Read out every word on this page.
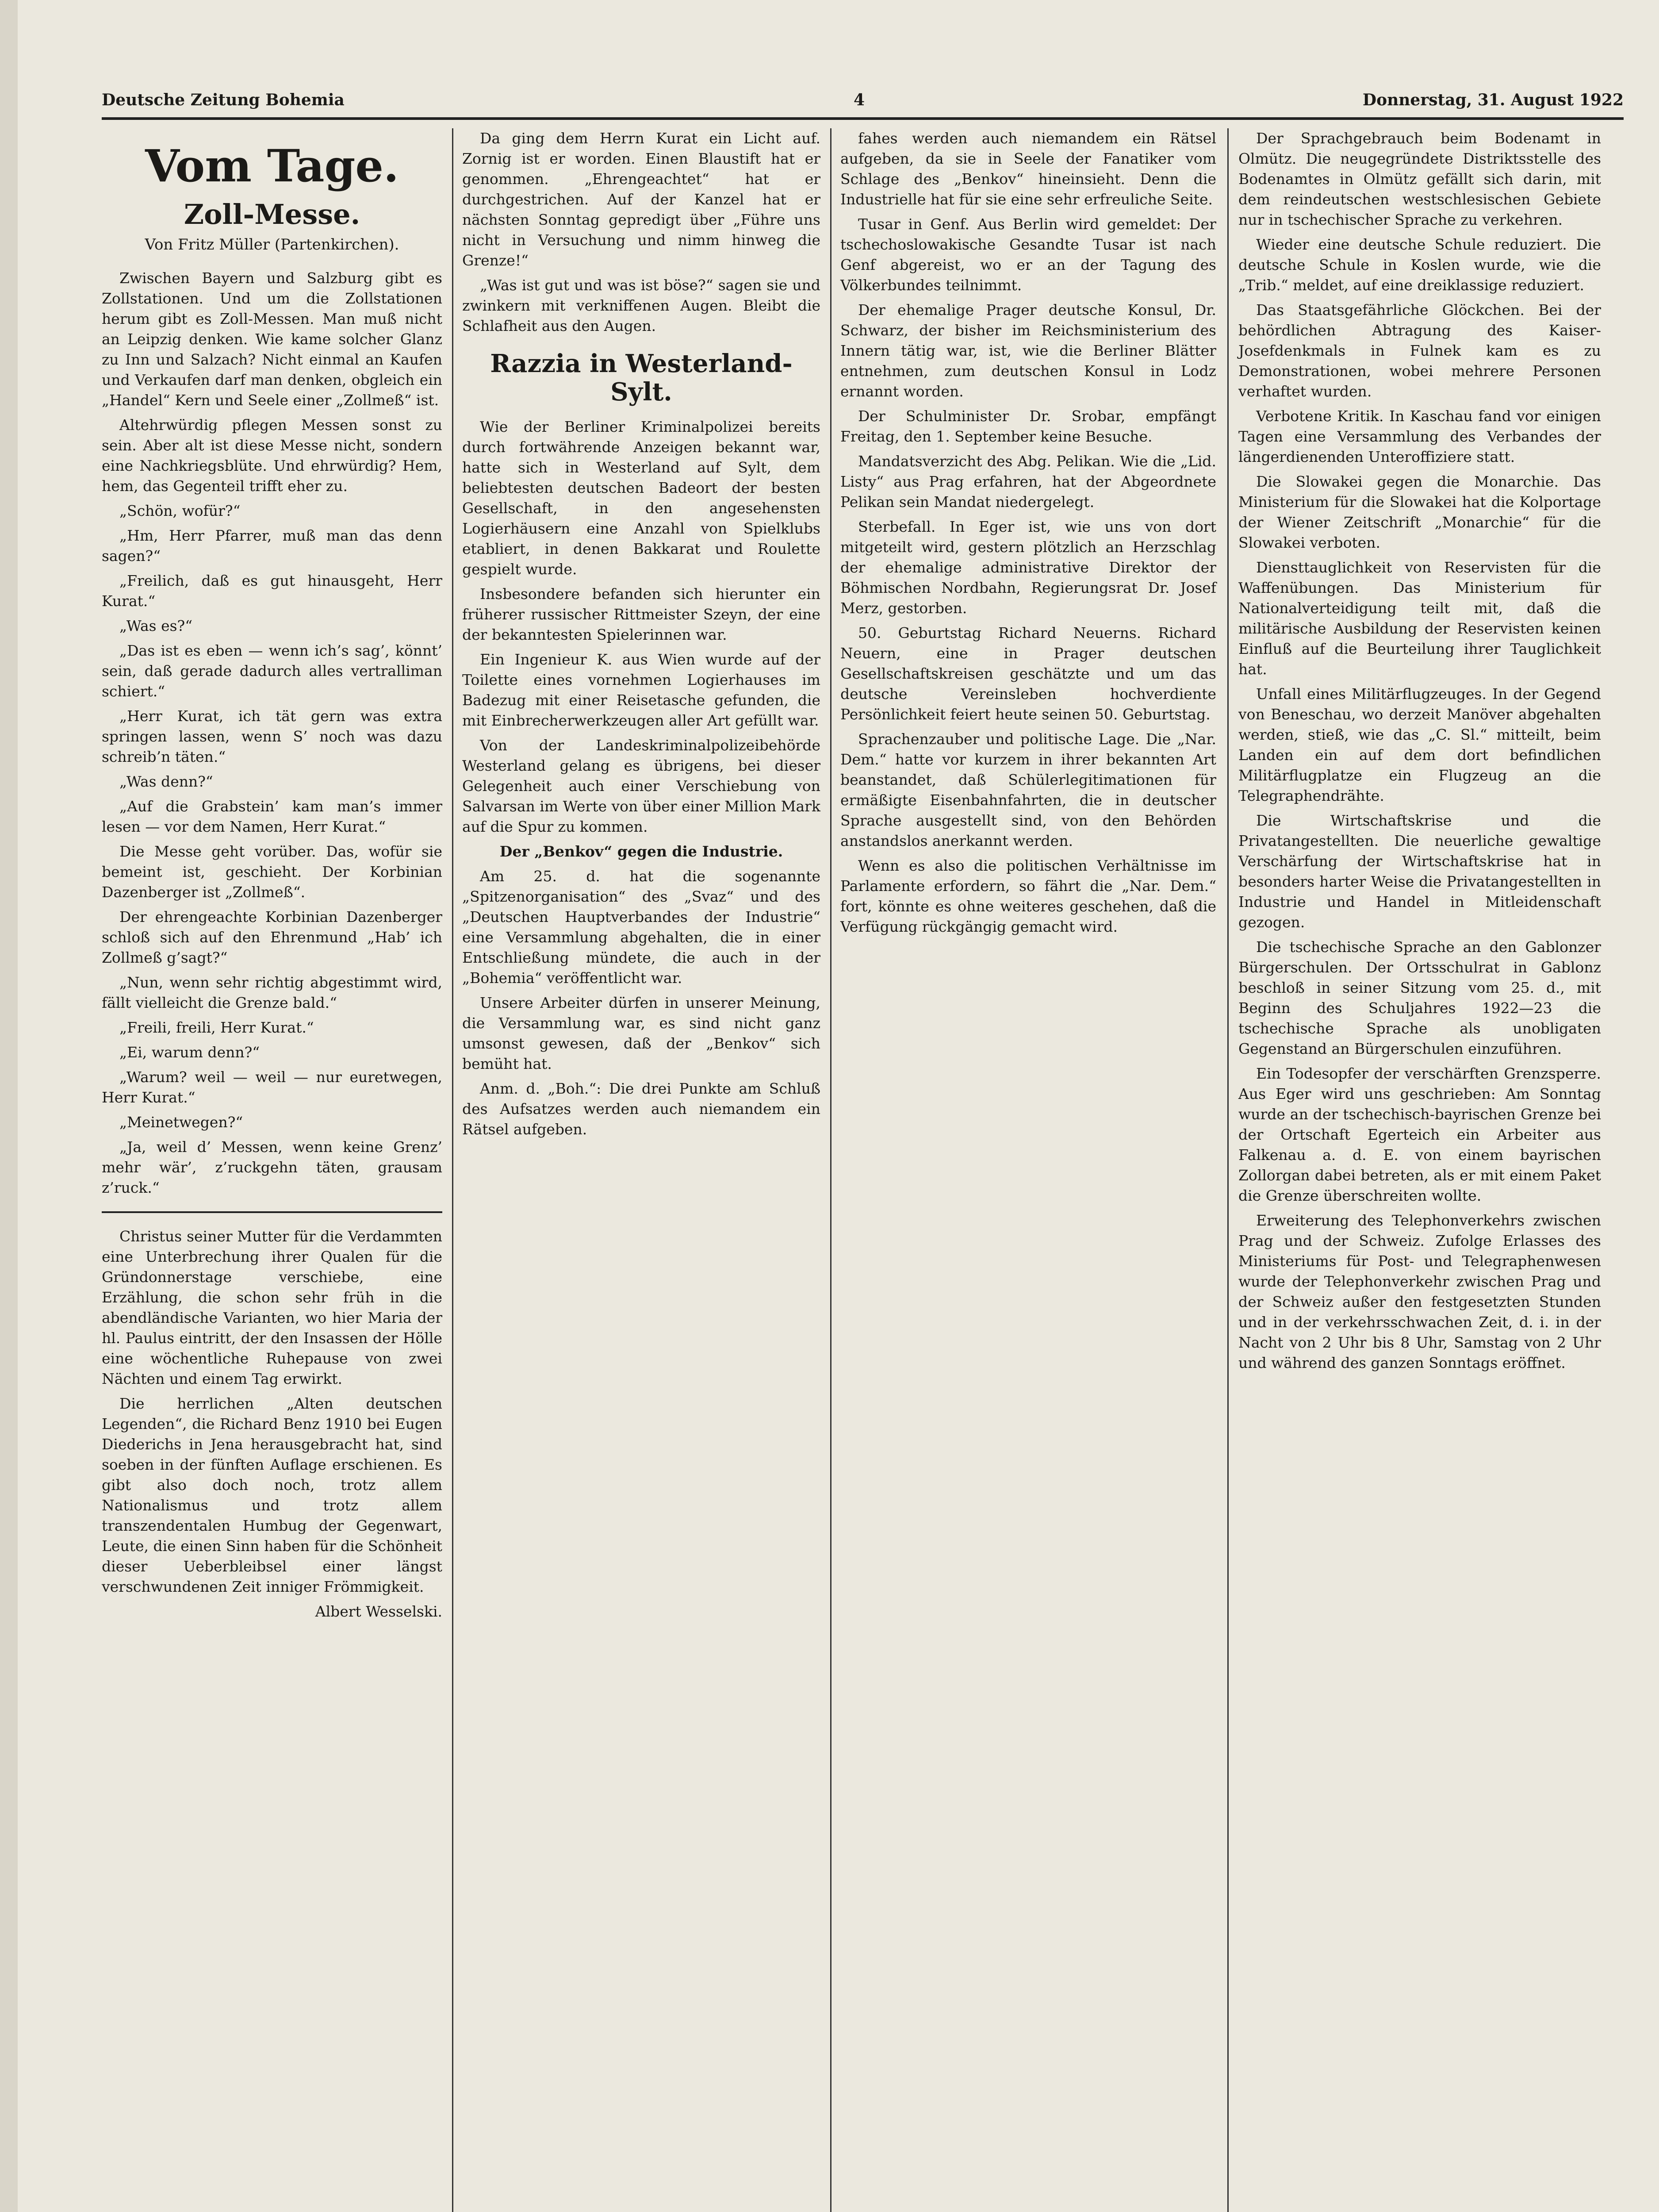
Deutsche Zeitung Bohemia	4	Donnerstag, 31. August 1922
Vom Tage.
Zoll-Messe.
Von Fritz Müller (Partenkirchen).

Zwischen Bayern und Salzburg gibt es Zollstationen. Und um die Zollstationen herum gibt es Zoll-Messen. Man muß nicht an Leipzig denken. Wie kame solcher Glanz zu Inn und Salzach? Nicht einmal an Kaufen und Verkaufen darf man denken, obgleich ein „Handel“ Kern und Seele einer „Zollmeß“ ist.

Altehrwürdig pflegen Messen sonst zu sein. Aber alt ist diese Messe nicht, sondern eine Nachkriegsblüte. Und ehrwürdig? Hem, hem, das Gegenteil trifft eher zu.

„Schön, wofür?“

„Hm, Herr Pfarrer, muß man das denn sagen?“

„Freilich, daß es gut hinausgeht, Herr Kurat.“

„Was es?“

„Das ist es eben — wenn ich’s sag’, könnt’ sein, daß gerade dadurch alles vertralliman schiert.“

„Herr Kurat, ich tät gern was extra springen lassen, wenn S’ noch was dazu schreib’n täten.“

„Was denn?“

„Auf die Grabstein’ kam man’s immer lesen — vor dem Namen, Herr Kurat.“

Die Messe geht vorüber. Das, wofür sie bemeint ist, geschieht. Der Korbinian Dazenberger ist „Zollmeß“.

Der ehrengeachte Korbinian Dazenberger schloß sich auf den Ehrenmund „Hab’ ich Zollmeß g’sagt?“

„Nun, wenn sehr richtig abgestimmt wird, fällt vielleicht die Grenze bald.“

„Freili, freili, Herr Kurat.“

„Ei, warum denn?“

„Warum? weil — weil — nur euretwegen, Herr Kurat.“

„Meinetwegen?“

„Ja, weil d’ Messen, wenn keine Grenz’ mehr wär’, z’ruckgehn täten, grausam z’ruck.“

Christus seiner Mutter für die Verdammten eine Unterbrechung ihrer Qualen für die Gründonnerstage verschiebe, eine Erzählung, die schon sehr früh in die abendländische Varianten, wo hier Maria der hl. Paulus eintritt, der den Insassen der Hölle eine wöchentliche Ruhepause von zwei Nächten und einem Tag erwirkt.

Die herrlichen „Alten deutschen Legenden“, die Richard Benz 1910 bei Eugen Diederichs in Jena herausgebracht hat, sind soeben in der fünften Auflage erschienen. Es gibt also doch noch, trotz allem Nationalismus und trotz allem transzendentalen Humbug der Gegenwart, Leute, die einen Sinn haben für die Schönheit dieser Ueberbleibsel einer längst verschwundenen Zeit inniger Frömmigkeit.

Albert Wesselski.

Da ging dem Herrn Kurat ein Licht auf. Zornig ist er worden. Einen Blaustift hat er genommen. „Ehrengeachtet“ hat er durchgestrichen. Auf der Kanzel hat er nächsten Sonntag gepredigt über „Führe uns nicht in Versuchung und nimm hinweg die Grenze!“

„Was ist gut und was ist böse?“ sagen sie und zwinkern mit verkniffenen Augen. Bleibt die Schlafheit aus den Augen.

Razzia in Westerland-Sylt.

Wie der Berliner Kriminalpolizei bereits durch fortwährende Anzeigen bekannt war, hatte sich in Westerland auf Sylt, dem beliebtesten deutschen Badeort der besten Gesellschaft, in den angesehensten Logierhäusern eine Anzahl von Spielklubs etabliert, in denen Bakkarat und Roulette gespielt wurde.

Insbesondere befanden sich hierunter ein früherer russischer Rittmeister Szeyn, der eine der bekanntesten Spielerinnen war.

Ein Ingenieur K. aus Wien wurde auf der Toilette eines vornehmen Logierhauses im Badezug mit einer Reisetasche gefunden, die mit Einbrecherwerkzeugen aller Art gefüllt war.

Von der Landeskriminalpolizeibehörde Westerland gelang es übrigens, bei dieser Gelegenheit auch einer Verschiebung von Salvarsan im Werte von über einer Million Mark auf die Spur zu kommen.

Der „Benkov“ gegen die Industrie.

Am 25. d. hat die sogenannte „Spitzenorganisation“ des „Svaz“ und des „Deutschen Hauptverbandes der Industrie“ eine Versammlung abgehalten, die in einer Entschließung mündete, die auch in der „Bohemia“ veröffentlicht war.

Unsere Arbeiter dürfen in unserer Meinung, die Versammlung war, es sind nicht ganz umsonst gewesen, daß der „Benkov“ sich bemüht hat.

Anm. d. „Boh.“: Die drei Punkte am Schluß des Aufsatzes werden auch niemandem ein Rätsel aufgeben.

fahes werden auch niemandem ein Rätsel aufgeben, da sie in Seele der Fanatiker vom Schlage des „Benkov“ hineinsieht. Denn die Industrielle hat für sie eine sehr erfreuliche Seite.

Tusar in Genf. Aus Berlin wird gemeldet: Der tschechoslowakische Gesandte Tusar ist nach Genf abgereist, wo er an der Tagung des Völkerbundes teilnimmt.

Der ehemalige Prager deutsche Konsul, Dr. Schwarz, der bisher im Reichsministerium des Innern tätig war, ist, wie die Berliner Blätter entnehmen, zum deutschen Konsul in Lodz ernannt worden.

Der Schulminister Dr. Srobar, empfängt Freitag, den 1. September keine Besuche.

Mandatsverzicht des Abg. Pelikan. Wie die „Lid. Listy“ aus Prag erfahren, hat der Abgeordnete Pelikan sein Mandat niedergelegt.

Sterbefall. In Eger ist, wie uns von dort mitgeteilt wird, gestern plötzlich an Herzschlag der ehemalige administrative Direktor der Böhmischen Nordbahn, Regierungsrat Dr. Josef Merz, gestorben.

50. Geburtstag Richard Neuerns. Richard Neuern, eine in Prager deutschen Gesellschaftskreisen geschätzte und um das deutsche Vereinsleben hochverdiente Persönlichkeit feiert heute seinen 50. Geburtstag.

Sprachenzauber und politische Lage. Die „Nar. Dem.“ hatte vor kurzem in ihrer bekannten Art beanstandet, daß Schülerlegitimationen für ermäßigte Eisenbahnfahrten, die in deutscher Sprache ausgestellt sind, von den Behörden anstandslos anerkannt werden.

Wenn es also die politischen Verhältnisse im Parlamente erfordern, so fährt die „Nar. Dem.“ fort, könnte es ohne weiteres geschehen, daß die Verfügung rückgängig gemacht wird.

Der Sprachgebrauch beim Bodenamt in Olmütz. Die neugegründete Distriktsstelle des Bodenamtes in Olmütz gefällt sich darin, mit dem reindeutschen westschlesischen Gebiete nur in tschechischer Sprache zu verkehren.

Wieder eine deutsche Schule reduziert. Die deutsche Schule in Koslen wurde, wie die „Trib.“ meldet, auf eine dreiklassige reduziert.

Das Staatsgefährliche Glöckchen. Bei der behördlichen Abtragung des Kaiser-Josefdenkmals in Fulnek kam es zu Demonstrationen, wobei mehrere Personen verhaftet wurden.

Verbotene Kritik. In Kaschau fand vor einigen Tagen eine Versammlung des Verbandes der längerdienenden Unteroffiziere statt.

Die Slowakei gegen die Monarchie. Das Ministerium für die Slowakei hat die Kolportage der Wiener Zeitschrift „Monarchie“ für die Slowakei verboten.

Diensttauglichkeit von Reservisten für die Waffenübungen. Das Ministerium für Nationalverteidigung teilt mit, daß die militärische Ausbildung der Reservisten keinen Einfluß auf die Beurteilung ihrer Tauglichkeit hat.

Unfall eines Militärflugzeuges. In der Gegend von Beneschau, wo derzeit Manöver abgehalten werden, stieß, wie das „C. Sl.“ mitteilt, beim Landen ein auf dem dort befindlichen Militärflugplatze ein Flugzeug an die Telegraphendrähte.

Die Wirtschaftskrise und die Privatangestellten. Die neuerliche gewaltige Verschärfung der Wirtschaftskrise hat in besonders harter Weise die Privatangestellten in Industrie und Handel in Mitleidenschaft gezogen.

Die tschechische Sprache an den Gablonzer Bürgerschulen. Der Ortsschulrat in Gablonz beschloß in seiner Sitzung vom 25. d., mit Beginn des Schuljahres 1922—23 die tschechische Sprache als unobligaten Gegenstand an Bürgerschulen einzuführen.

Ein Todesopfer der verschärften Grenzsperre. Aus Eger wird uns geschrieben: Am Sonntag wurde an der tschechisch-bayrischen Grenze bei der Ortschaft Egerteich ein Arbeiter aus Falkenau a. d. E. von einem bayrischen Zollorgan dabei betreten, als er mit einem Paket die Grenze überschreiten wollte.

Erweiterung des Telephonverkehrs zwischen Prag und der Schweiz. Zufolge Erlasses des Ministeriums für Post- und Telegraphenwesen wurde der Telephonverkehr zwischen Prag und der Schweiz außer den festgesetzten Stunden und in der verkehrsschwachen Zeit, d. i. in der Nacht von 2 Uhr bis 8 Uhr, Samstag von 2 Uhr und während des ganzen Sonntags eröffnet.
